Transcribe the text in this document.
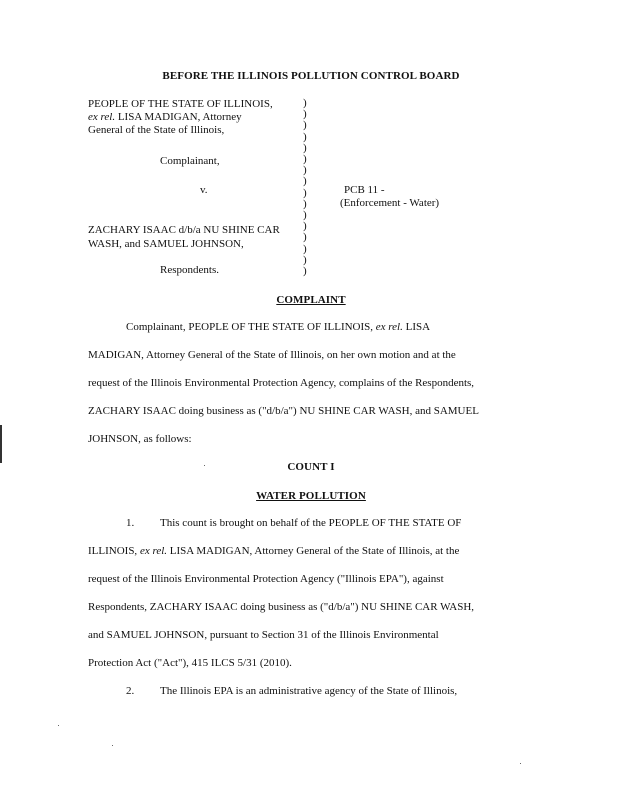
BEFORE THE ILLINOIS POLLUTION CONTROL BOARD
PEOPLE OF THE STATE OF ILLINOIS,
ex rel. LISA MADIGAN, Attorney
General of the State of Illinois,
Complainant,
v.
ZACHARY ISAAC d/b/a NU SHINE CAR
WASH, and SAMUEL JOHNSON,
Respondents.
)
)
)
)
)
)
)
)
)
)
)
)
)
)
)
)
PCB 11 -
(Enforcement - Water)
COMPLAINT
Complainant, PEOPLE OF THE STATE OF ILLINOIS, ex rel. LISA
MADIGAN, Attorney General of the State of Illinois, on her own motion and at the
request of the Illinois Environmental Protection Agency, complains of the Respondents,
ZACHARY ISAAC doing business as ("d/b/a") NU SHINE CAR WASH, and SAMUEL
JOHNSON, as follows:
COUNT I
WATER POLLUTION
1. This count is brought on behalf of the PEOPLE OF THE STATE OF
ILLINOIS, ex rel. LISA MADIGAN, Attorney General of the State of Illinois, at the
request of the Illinois Environmental Protection Agency ("Illinois EPA"), against
Respondents, ZACHARY ISAAC doing business as ("d/b/a") NU SHINE CAR WASH,
and SAMUEL JOHNSON, pursuant to Section 31 of the Illinois Environmental
Protection Act ("Act"), 415 ILCS 5/31 (2010).
2. The Illinois EPA is an administrative agency of the State of Illinois,
